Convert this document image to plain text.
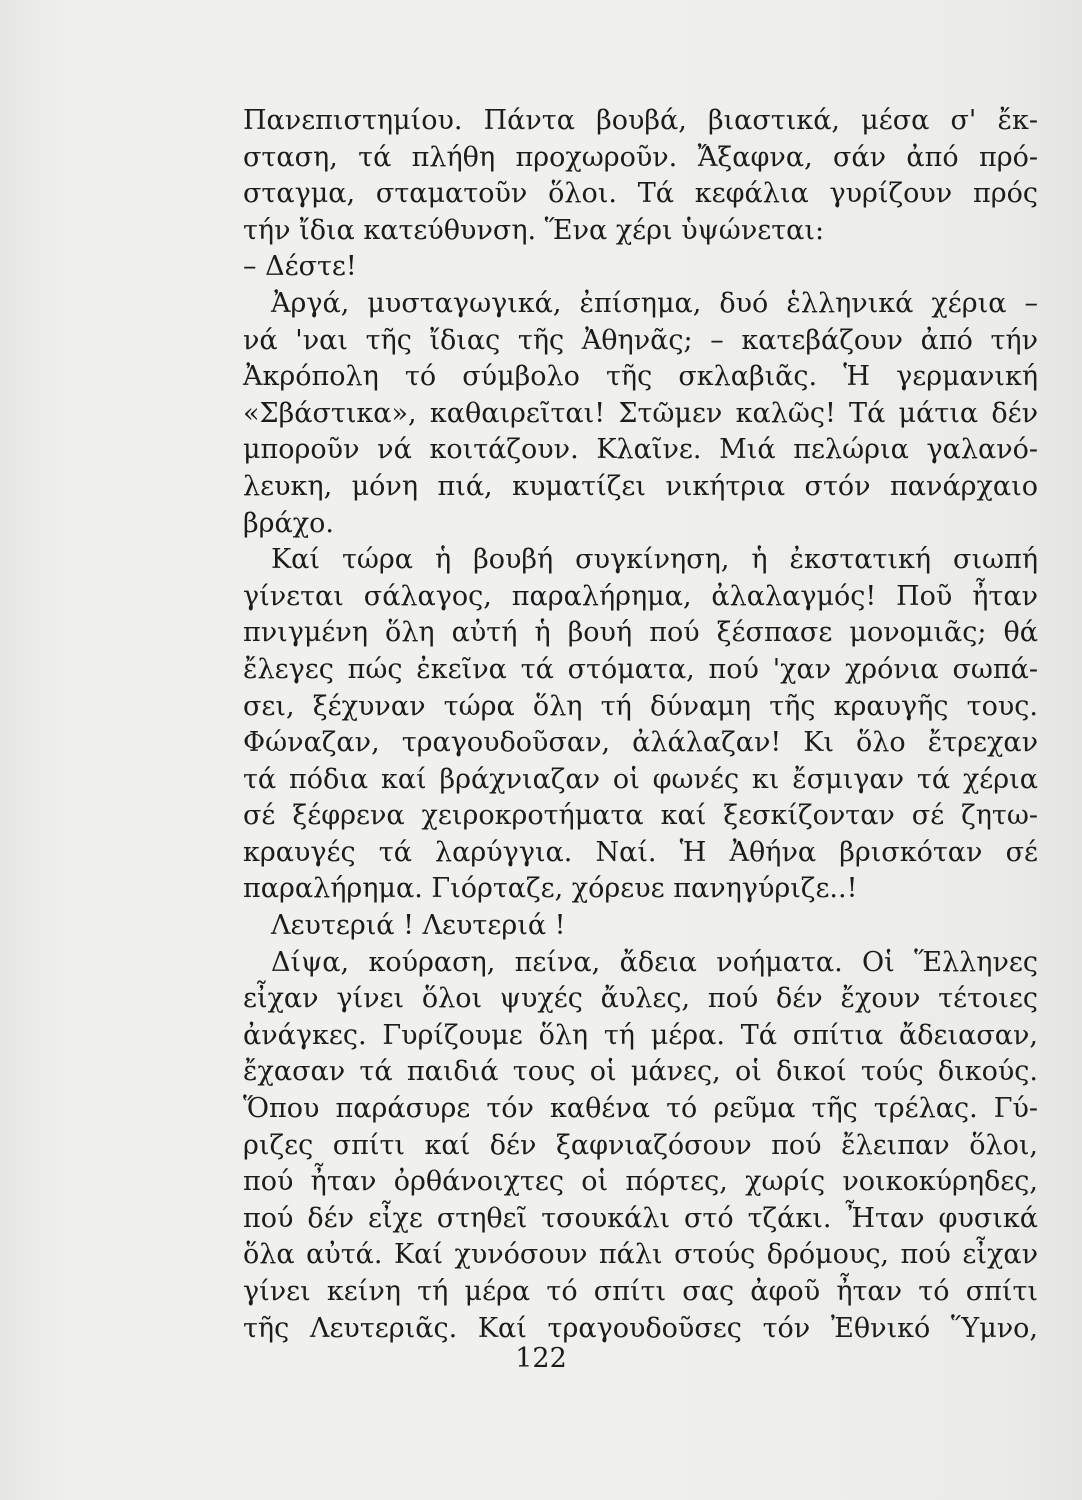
Πανεπιστημίου. Πάντα βουβά, βιαστικά, μέσα σ' ἔκ-
σταση, τά πλήθη προχωροῦν. Ἄξαφνα, σάν ἀπό πρό-
σταγμα, σταματοῦν ὅλοι. Τά κεφάλια γυρίζουν πρός
τήν ἴδια κατεύθυνση. Ἕνα χέρι ὑψώνεται:
– Δέστε!
Ἀργά, μυσταγωγικά, ἐπίσημα, δυό ἑλληνικά χέρια –
νά 'ναι τῆς ἴδιας τῆς Ἀθηνᾶς; – κατεβάζουν ἀπό τήν
Ἀκρόπολη τό σύμβολο τῆς σκλαβιᾶς. Ἡ γερμανική
«Σβάστικα», καθαιρεῖται! Στῶμεν καλῶς! Τά μάτια δέν
μποροῦν νά κοιτάζουν. Κλαῖνε. Μιά πελώρια γαλανό-
λευκη, μόνη πιά, κυματίζει νικήτρια στόν πανάρχαιο
βράχο.
Καί τώρα ἡ βουβή συγκίνηση, ἡ ἐκστατική σιωπή
γίνεται σάλαγος, παραλήρημα, ἀλαλαγμός! Ποῦ ἦταν
πνιγμένη ὅλη αὐτή ἡ βουή πού ξέσπασε μονομιᾶς; θά
ἔλεγες πώς ἐκεῖνα τά στόματα, πού 'χαν χρόνια σωπά-
σει, ξέχυναν τώρα ὅλη τή δύναμη τῆς κραυγῆς τους.
Φώναζαν, τραγουδοῦσαν, ἀλάλαζαν! Κι ὅλο ἔτρεχαν
τά πόδια καί βράχνιαζαν οἱ φωνές κι ἔσμιγαν τά χέρια
σέ ξέφρενα χειροκροτήματα καί ξεσκίζονταν σέ ζητω-
κραυγές τά λαρύγγια. Ναί. Ἡ Ἀθήνα βρισκόταν σέ
παραλήρημα. Γιόρταζε, χόρευε πανηγύριζε..!
Λευτεριά ! Λευτεριά !
Δίψα, κούραση, πείνα, ἄδεια νοήματα. Οἱ Ἕλληνες
εἶχαν γίνει ὅλοι ψυχές ἄυλες, πού δέν ἔχουν τέτοιες
ἀνάγκες. Γυρίζουμε ὅλη τή μέρα. Τά σπίτια ἄδειασαν,
ἔχασαν τά παιδιά τους οἱ μάνες, οἱ δικοί τούς δικούς.
Ὅπου παράσυρε τόν καθένα τό ρεῦμα τῆς τρέλας. Γύ-
ριζες σπίτι καί δέν ξαφνιαζόσουν πού ἔλειπαν ὅλοι,
πού ἦταν ὀρθάνοιχτες οἱ πόρτες, χωρίς νοικοκύρηδες,
πού δέν εἶχε στηθεῖ τσουκάλι στό τζάκι. Ἦταν φυσικά
ὅλα αὐτά. Καί χυνόσουν πάλι στούς δρόμους, πού εἶχαν
γίνει κείνη τή μέρα τό σπίτι σας ἀφοῦ ἦταν τό σπίτι
τῆς Λευτεριᾶς. Καί τραγουδοῦσες τόν Ἐθνικό Ὕμνο,
122
